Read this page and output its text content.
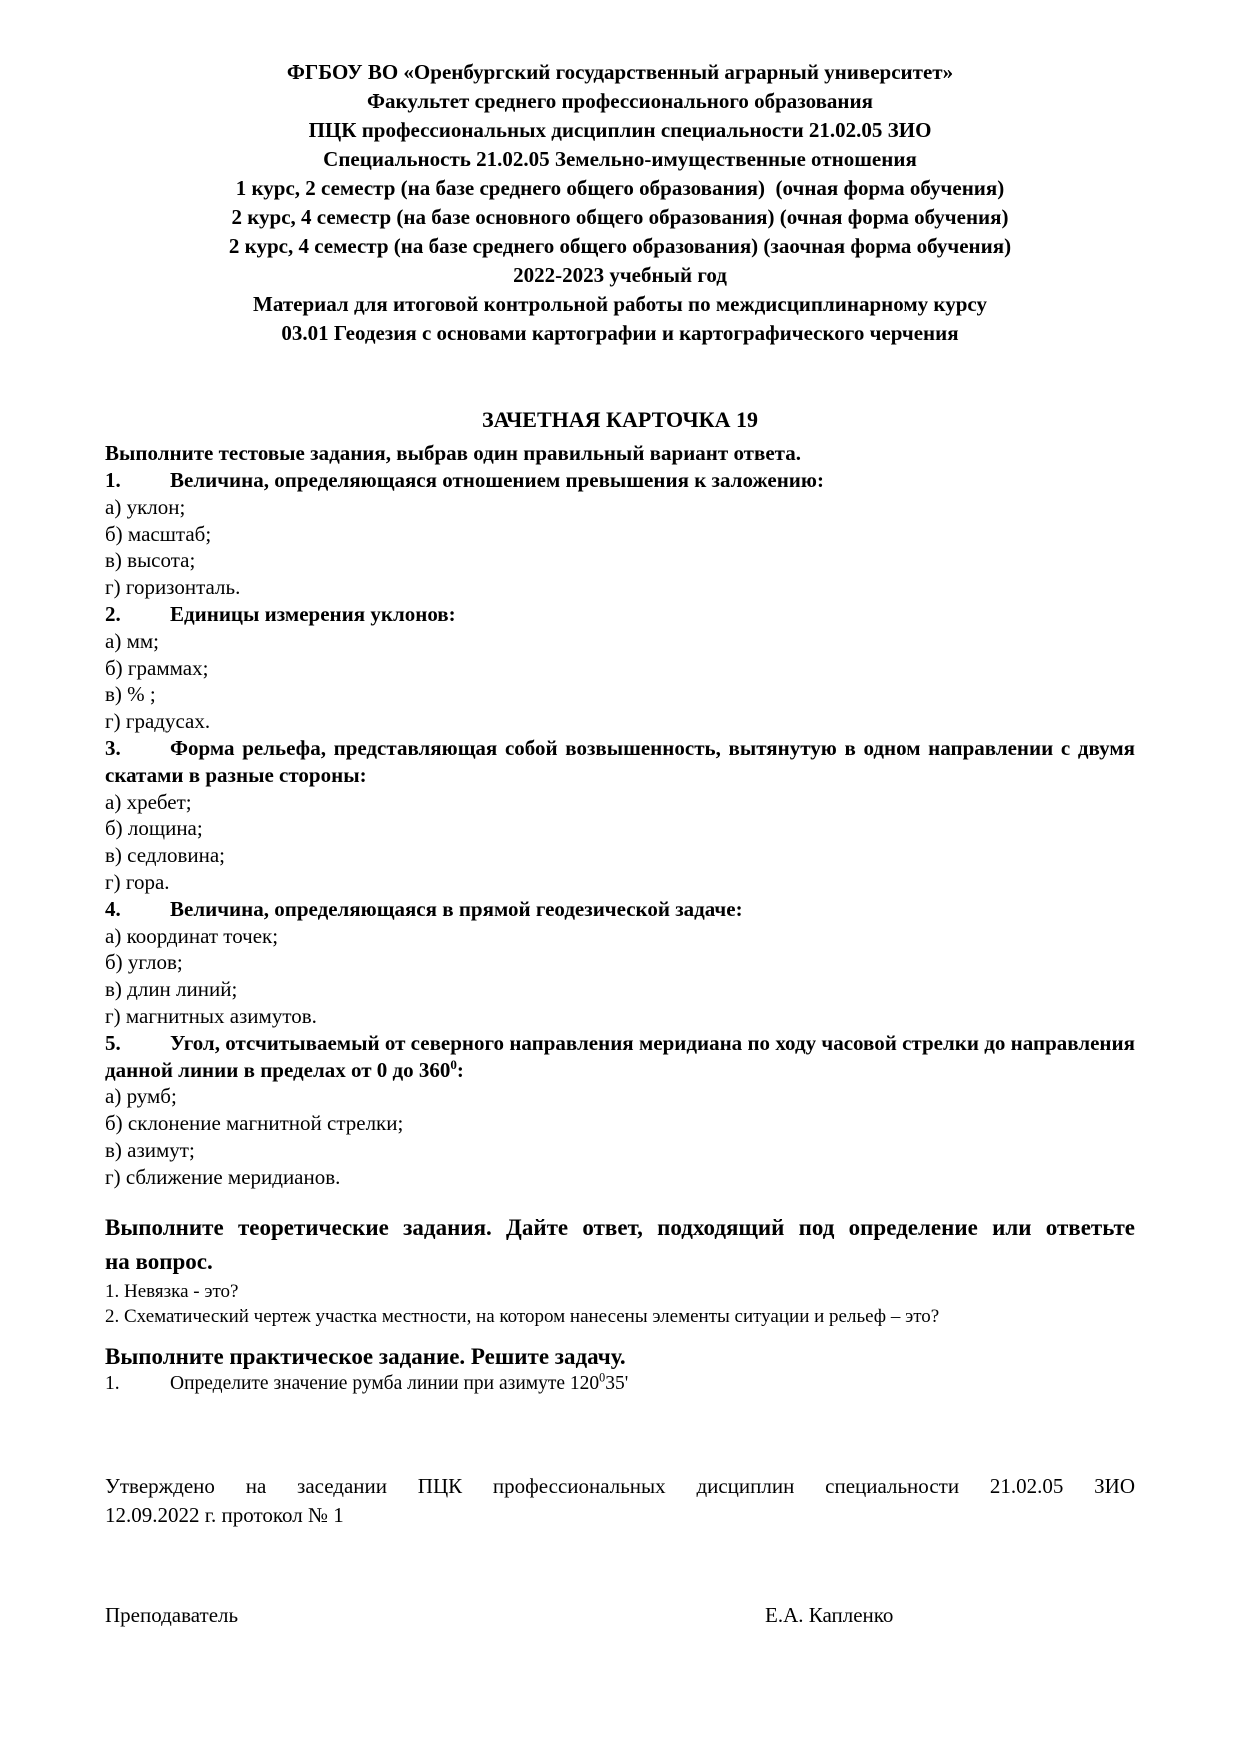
ФГБОУ ВО «Оренбургский государственный аграрный университет»
Факультет среднего профессионального образования
ПЦК профессиональных дисциплин специальности 21.02.05 ЗИО
Специальность 21.02.05 Земельно-имущественные отношения
1 курс, 2 семестр (на базе среднего общего образования)  (очная форма обучения)
2 курс, 4 семестр (на базе основного общего образования) (очная форма обучения)
2 курс, 4 семестр (на базе среднего общего образования) (заочная форма обучения)
2022-2023 учебный год
Материал для итоговой контрольной работы по междисциплинарному курсу
03.01 Геодезия с основами картографии и картографического черчения
ЗАЧЕТНАЯ КАРТОЧКА 19
Выполните тестовые задания, выбрав один правильный вариант ответа.
1. Величина, определяющаяся отношением превышения к заложению:
а) уклон;
б) масштаб;
в) высота;
г) горизонталь.
2. Единицы измерения уклонов:
а) мм;
б) граммах;
в) % ;
г) градусах.
3. Форма рельефа, представляющая собой возвышенность, вытянутую в одном направлении с двумя
скатами в разные стороны:
а) хребет;
б) лощина;
в) седловина;
г) гора.
4. Величина, определяющаяся в прямой геодезической задаче:
а) координат точек;
б) углов;
в) длин линий;
г) магнитных азимутов.
5. Угол, отсчитываемый от северного направления меридиана по ходу часовой стрелки до направления
данной линии в пределах от 0 до $360^0$:
а) румб;
б) склонение магнитной стрелки;
в) азимут;
г) сближение меридианов.
Выполните теоретические задания. Дайте ответ, подходящий под определение или ответьте
на вопрос.
1. Невязка - это?
2. Схематический чертеж участка местности, на котором нанесены элементы ситуации и рельеф – это?
Выполните практическое задание. Решите задачу.
1.	Определите значение румба линии при азимуте $120^035'$
Утверждено на заседании ПЦК профессиональных дисциплин специальности 21.02.05 ЗИО
12.09.2022 г. протокол № 1
Преподаватель	Е.А. Капленко
